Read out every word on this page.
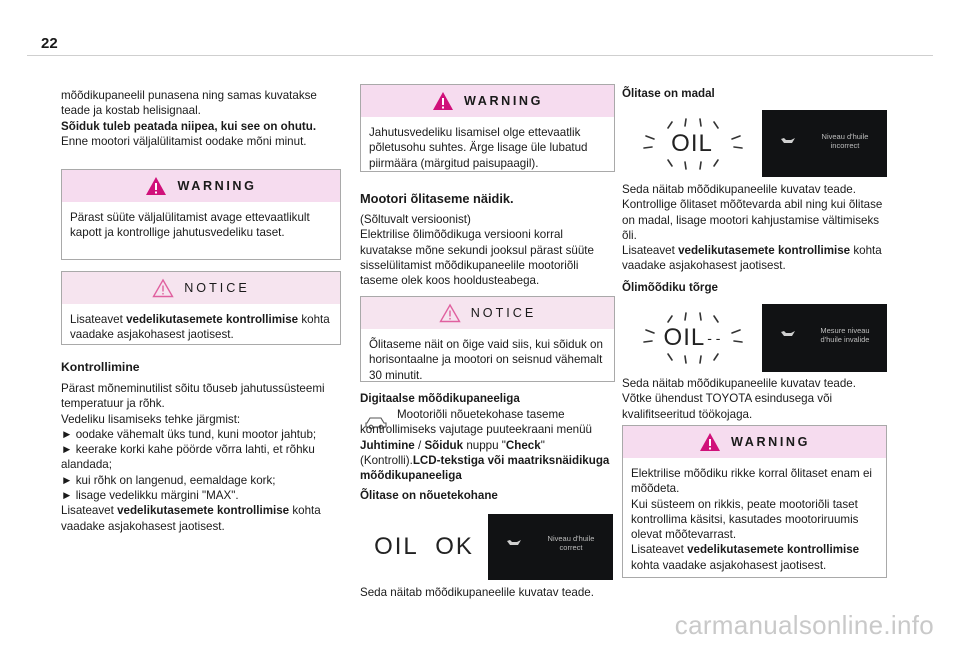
22
mõõdikupaneelil punasena ning samas kuvatakse teade ja kostab helisignaal.
Sõiduk tuleb peatada niipea, kui see on ohutu.
Enne mootori väljalülitamist oodake mõni minut.
WARNING
Pärast süüte väljalülitamist avage ettevaatlikult kapott ja kontrollige jahutusvedeliku taset.
NOTICE
Lisateavet vedelikutasemete kontrollimise kohta vaadake asjakohasest jaotisest.
Kontrollimine
Pärast mõneminutilist sõitu tõuseb jahutussüsteemi temperatuur ja rõhk.
Vedeliku lisamiseks tehke järgmist:
► oodake vähemalt üks tund, kuni mootor jahtub;
► keerake korki kahe pöörde võrra lahti, et rõhku alandada;
► kui rõhk on langenud, eemaldage kork;
► lisage vedelikku märgini "MAX".
Lisateavet vedelikutasemete kontrollimise kohta vaadake asjakohasest jaotisest.
WARNING
Jahutusvedeliku lisamisel olge ettevaatlik põletusohu suhtes. Ärge lisage üle lubatud piirmäära (märgitud paisupaagil).
Mootori õlitaseme näidik.
(Sõltuvalt versioonist)
Elektrilise õlimõõdikuga versiooni korral kuvatakse mõne sekundi jooksul pärast süüte sisselülitamist mõõdikupaneelile mootoriõli taseme olek koos hooldusteabega.
NOTICE
Õlitaseme näit on õige vaid siis, kui sõiduk on horisontaalne ja mootori on seisnud vähemalt 30 minutit.
Digitaalse mõõdikupaneeliga
Mootoriõli nõuetekohase taseme kontrollimiseks vajutage puuteekraani menüü Juhtimine / Sõiduk nuppu "Check" (Kontrolli).LCD-tekstiga või maatriksnäidikuga mõõdikupaneeliga
Õlitase on nõuetekohane
OIL  OK	Niveau d'huile correct
Seda näitab mõõdikupaneelile kuvatav teade.
Õlitase on madal
OIL	Niveau d'huile incorrect
Seda näitab mõõdikupaneelile kuvatav teade.
Kontrollige õlitaset mõõtevarda abil ning kui õlitase on madal, lisage mootori kahjustamise vältimiseks õli.
Lisateavet vedelikutasemete kontrollimise kohta vaadake asjakohasest jaotisest.
Õlimõõdiku tõrge
OIL - -	Mesure niveau d'huile invalide
Seda näitab mõõdikupaneelile kuvatav teade.
Võtke ühendust TOYOTA esindusega või kvalifitseeritud töökojaga.
WARNING
Elektrilise mõõdiku rikke korral õlitaset enam ei mõõdeta.
Kui süsteem on rikkis, peate mootoriõli taset kontrollima käsitsi, kasutades mootoriruumis olevat mõõtevarrast.
Lisateavet vedelikutasemete kontrollimise kohta vaadake asjakohasest jaotisest.
carmanualsonline.info
